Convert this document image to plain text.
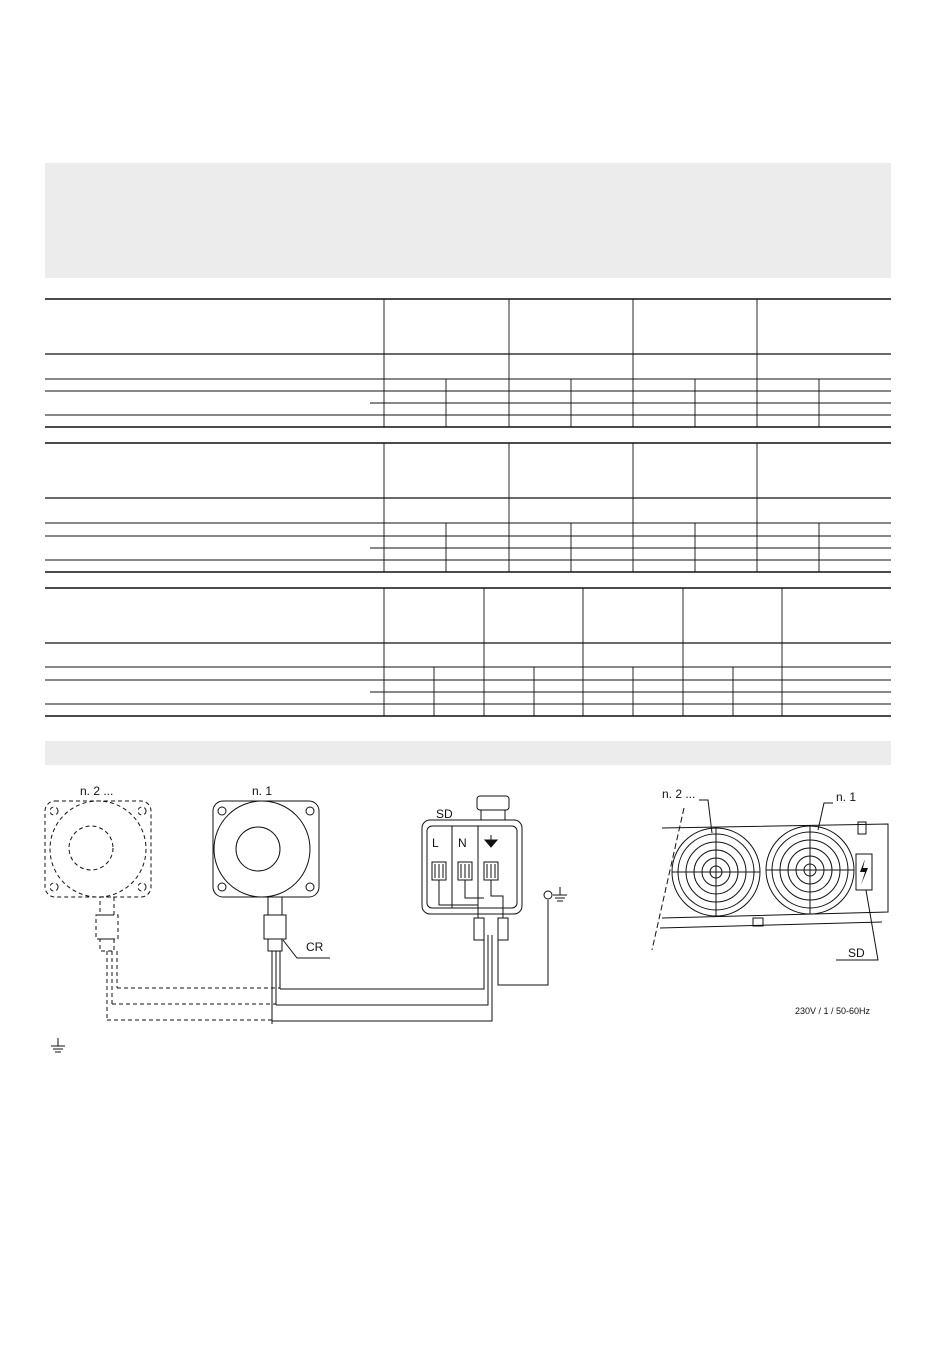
n. 2 ...	n. 1
CR
SD
L N
n. 2 ...	n. 1
SD
230V / 1 / 50-60Hz
